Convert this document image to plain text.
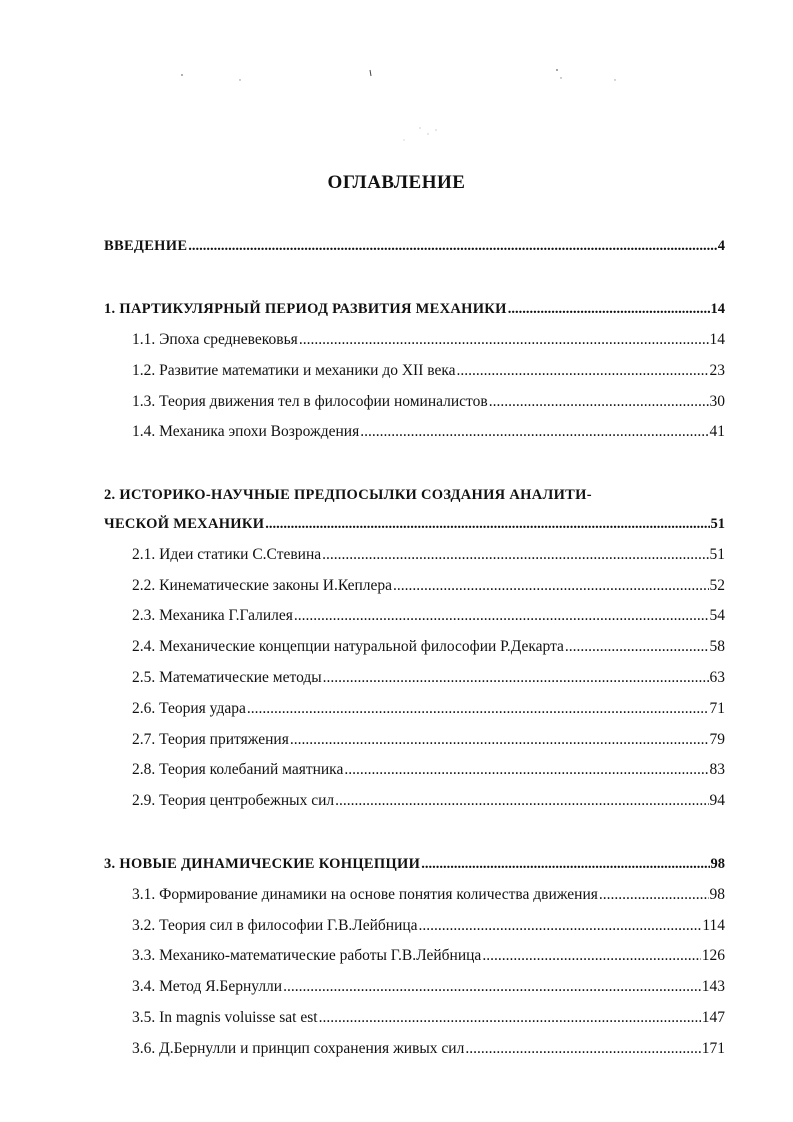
ОГЛАВЛЕНИЕ
ВВЕДЕНИЕ .....	4
1. ПАРТИКУЛЯРНЫЙ ПЕРИОД РАЗВИТИЯ МЕХАНИКИ .....	14
1.1. Эпоха средневековья .....	14
1.2. Развитие математики и механики до XII века .....	23
1.3. Теория движения тел в философии номиналистов .....	30
1.4. Механика эпохи Возрождения .....	41
2. ИСТОРИКО-НАУЧНЫЕ ПРЕДПОСЫЛКИ СОЗДАНИЯ АНАЛИТИ-
ЧЕСКОЙ МЕХАНИКИ .....	51
2.1. Идеи статики С.Стевина .....	51
2.2. Кинематические законы И.Кеплера .....	52
2.3. Механика Г.Галилея .....	54
2.4. Механические концепции натуральной философии Р.Декарта .....	58
2.5. Математические методы .....	63
2.6. Теория удара .....	71
2.7. Теория притяжения .....	79
2.8. Теория колебаний маятника .....	83
2.9. Теория центробежных сил .....	94
3. НОВЫЕ ДИНАМИЧЕСКИЕ КОНЦЕПЦИИ .....	98
3.1. Формирование динамики на основе понятия количества движения .....	98
3.2. Теория сил в философии Г.В.Лейбница .....	114
3.3. Механико-математические работы Г.В.Лейбница .....	126
3.4. Метод Я.Бернулли .....	143
3.5. In magnis voluisse sat est .....	147
3.6. Д.Бернулли и принцип сохранения живых сил .....	171
